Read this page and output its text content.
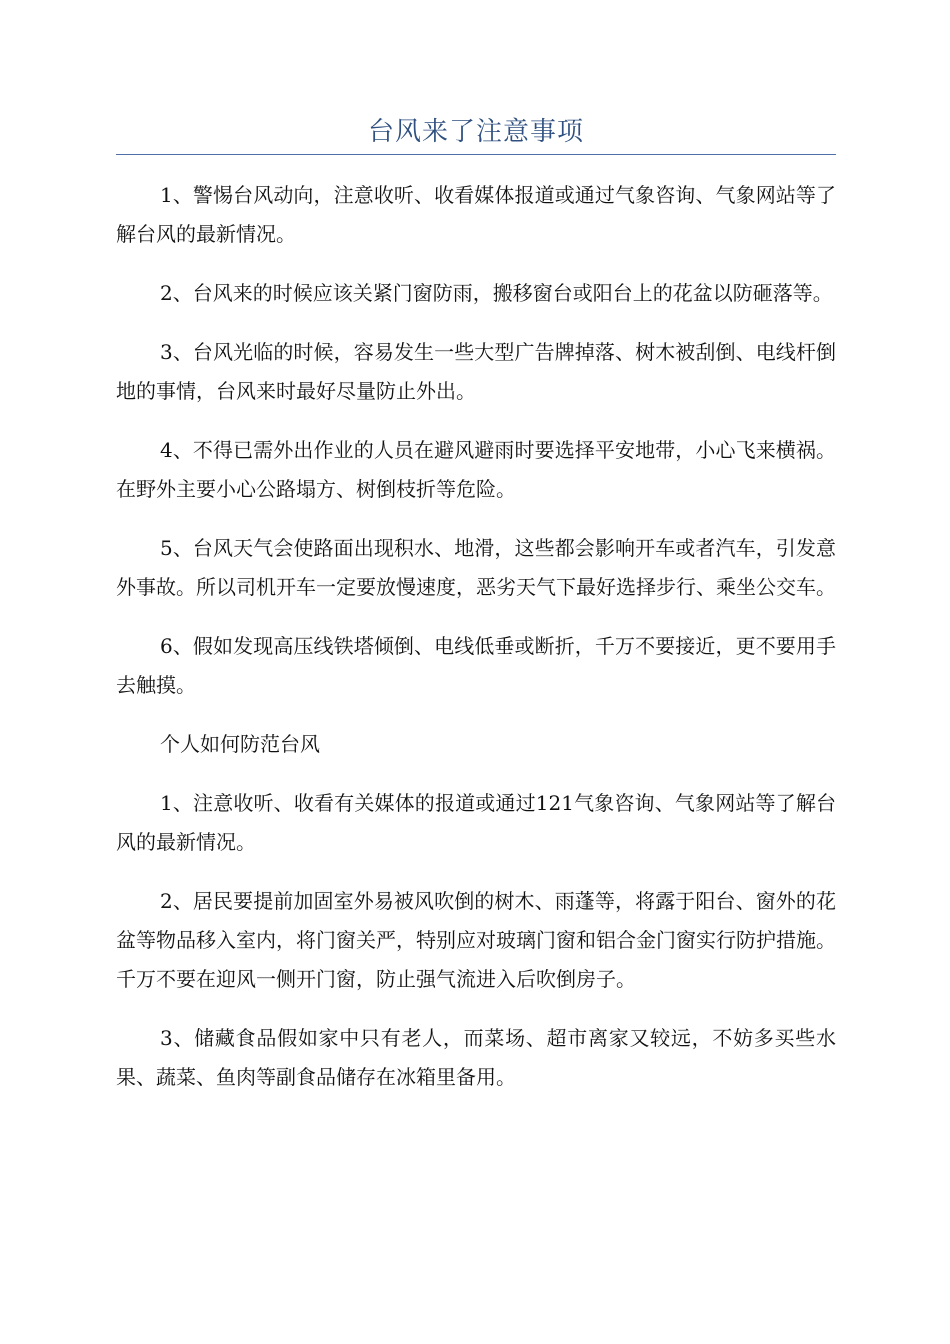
台风来了注意事项

1、警惕台风动向，注意收听、收看媒体报道或通过气象咨询、气象网站等了解台风的最新情况。

2、台风来的时候应该关紧门窗防雨，搬移窗台或阳台上的花盆以防砸落等。

3、台风光临的时候，容易发生一些大型广告牌掉落、树木被刮倒、电线杆倒地的事情，台风来时最好尽量防止外出。

4、不得已需外出作业的人员在避风避雨时要选择平安地带，小心飞来横祸。在野外主要小心公路塌方、树倒枝折等危险。

5、台风天气会使路面出现积水、地滑，这些都会影响开车或者汽车，引发意外事故。所以司机开车一定要放慢速度，恶劣天气下最好选择步行、乘坐公交车。

6、假如发现高压线铁塔倾倒、电线低垂或断折，千万不要接近，更不要用手去触摸。

个人如何防范台风

1、注意收听、收看有关媒体的报道或通过121气象咨询、气象网站等了解台风的最新情况。

2、居民要提前加固室外易被风吹倒的树木、雨蓬等，将露于阳台、窗外的花盆等物品移入室内，将门窗关严，特别应对玻璃门窗和铝合金门窗实行防护措施。千万不要在迎风一侧开门窗，防止强气流进入后吹倒房子。

3、储藏食品假如家中只有老人，而菜场、超市离家又较远，不妨多买些水果、蔬菜、鱼肉等副食品储存在冰箱里备用。
